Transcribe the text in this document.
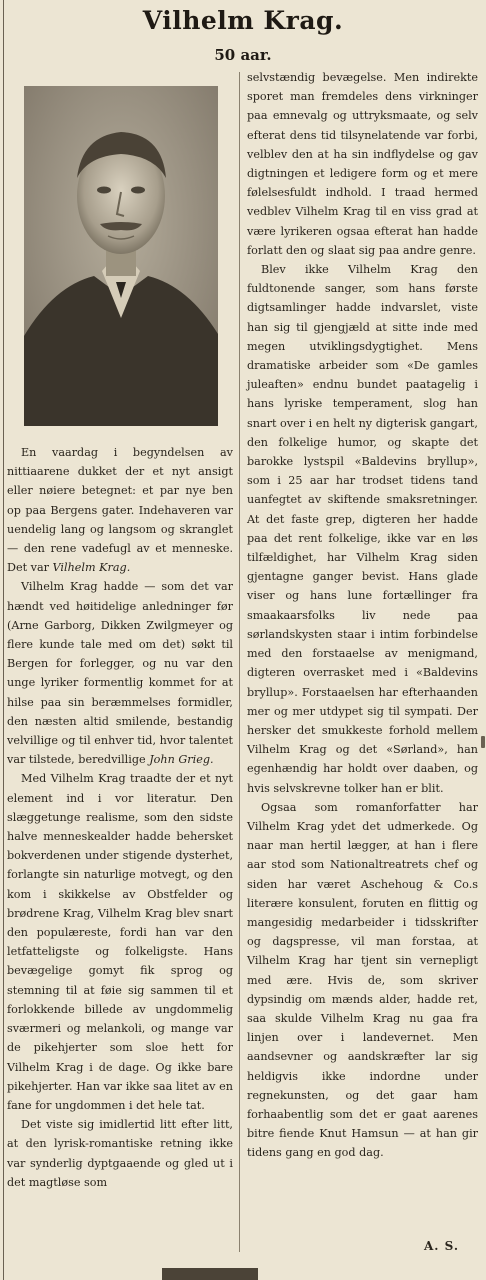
Vilhelm Krag.
50 aar.

En vaardag i begyndelsen av nittiaarene dukket der et nyt ansigt eller nøiere betegnet: et par nye ben op paa Bergens gater. Indehaveren var uendelig lang og langsom og skranglet — den rene vadefugl av et menneske. Det var Vilhelm Krag.

Vilhelm Krag hadde — som det var hændt ved høitidelige anledninger før (Arne Garborg, Dikken Zwilgmeyer og flere kunde tale med om det) søkt til Bergen for forlegger, og nu var den unge lyriker formentlig kommet for at hilse paa sin beræmmelses formidler, den næsten altid smilende, bestandig velvillige og til enhver tid, hvor talentet var tilstede, beredvillige John Grieg.

Med Vilhelm Krag traadte der et nyt element ind i vor literatur. Den slæggetunge realisme, som den sidste halve menneskealder hadde behersket bokverdenen under stigende dysterhet, forlangte sin naturlige motvegt, og den kom i skikkelse av Obstfelder og brødrene Krag, Vilhelm Krag blev snart den populæreste, fordi han var den letfatteligste og folkeligste. Hans bevægelige gomyt fik sprog og stemning til at føie sig sammen til et forlokkende billede av ungdommelig sværmeri og melankoli, og mange var de pikehjerter som sloe hett for Vilhelm Krag i de dage. Og ikke bare pikehjerter. Han var ikke saa litet av en fane for ungdommen i det hele tat.

Det viste sig imidlertid litt efter litt, at den lyrisk-romantiske retning ikke var synderlig dyptgaaende og gled ut i det magtløse som

selvstændig bevægelse. Men indirekte sporet man fremdeles dens virkninger paa emnevalg og uttryksmaate, og selv efterat dens tid tilsynelatende var forbi, velblev den at ha sin indflydelse og gav digtningen et ledigere form og et mere følelsesfuldt indhold. I traad hermed vedblev Vilhelm Krag til en viss grad at være lyrikeren ogsaa efterat han hadde forlatt den og slaat sig paa andre genre.

Blev ikke Vilhelm Krag den fuldtonende sanger, som hans første digtsamlinger hadde indvarslet, viste han sig til gjengjæld at sitte inde med megen utviklingsdygtighet. Mens dramatiske arbeider som «De gamles juleaften» endnu bundet paatagelig i hans lyriske temperament, slog han snart over i en helt ny digterisk gangart, den folkelige humor, og skapte det barokke lystspil «Baldevins bryllup», som i 25 aar har trodset tidens tand uanfegtet av skiftende smaksretninger. At det faste grep, digteren her hadde paa det rent folkelige, ikke var en løs tilfældighet, har Vilhelm Krag siden gjentagne ganger bevist. Hans glade viser og hans lune fortællinger fra smaakaarsfolks liv nede paa sørlandskysten staar i intim forbindelse med den forstaaelse av menigmand, digteren overrasket med i «Baldevins bryllup». Forstaaelsen har efterhaanden mer og mer utdypet sig til sympati. Der hersker det smukkeste forhold mellem Vilhelm Krag og det «Sørland», han egenhændig har holdt over daaben, og hvis selvskrevne tolker han er blit.

Ogsaa som romanforfatter har Vilhelm Krag ydet det udmerkede. Og naar man hertil lægger, at han i flere aar stod som Nationaltreatrets chef og siden har været Aschehoug & Co.s literære konsulent, foruten en flittig og mangesidig medarbeider i tidsskrifter og dagspresse, vil man forstaa, at Vilhelm Krag har tjent sin vernepligt med ære. Hvis de, som skriver dypsindig om mænds alder, hadde ret, saa skulde Vilhelm Krag nu gaa fra linjen over i landevernet. Men aandsevner og aandskræfter lar sig heldigvis ikke indordne under regnekunsten, og det gaar ham forhaabentlig som det er gaat aarenes bitre fiende Knut Hamsun — at han gir tidens gang en god dag.

A. S.
